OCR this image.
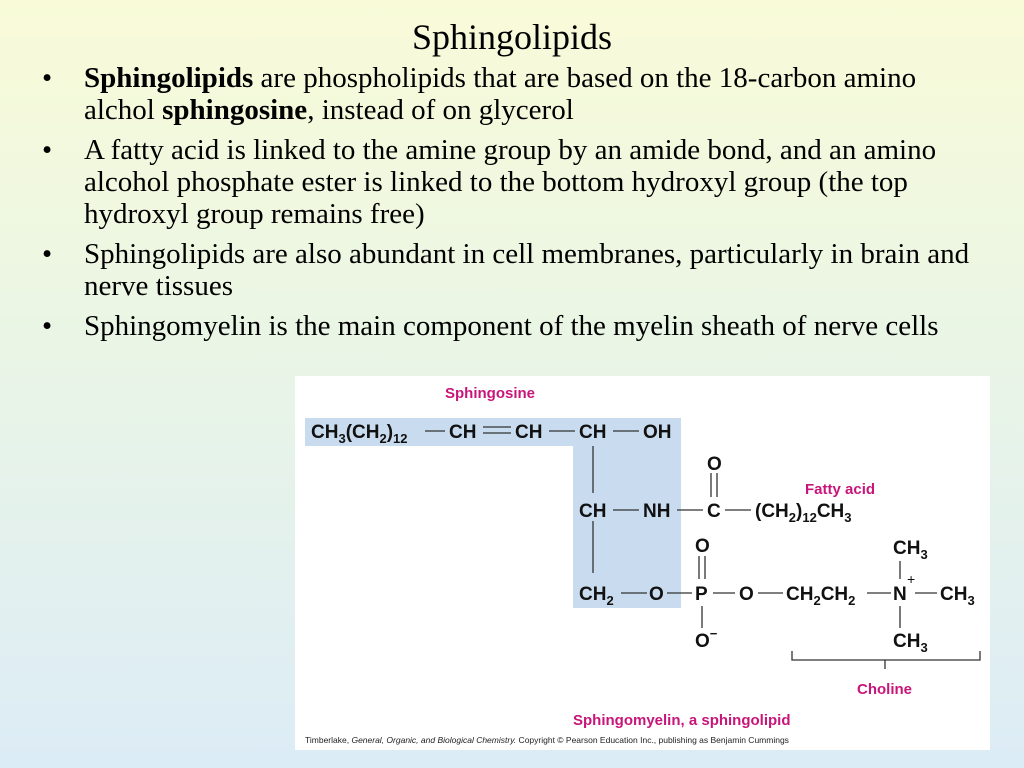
Sphingolipids
• Sphingolipids are phospholipids that are based on the 18-carbon amino alchol sphingosine, instead of on glycerol
• A fatty acid is linked to the amine group by an amide bond, and an amino alcohol phosphate ester is linked to the bottom hydroxyl group (the top hydroxyl group remains free)
• Sphingolipids are also abundant in cell membranes, particularly in brain and nerve tissues
• Sphingomyelin is the main component of the myelin sheath of nerve cells
Sphingosine
Fatty acid
Choline
Sphingomyelin, a sphingolipid
$CH_3(CH_2)_{12}$ CH CH CH OH
CH NH C
O
$(CH_2)_{12}CH_3$
$CH_2$ O P
O
O−
O $CH_2CH_2$ N
+
$CH_3$
$CH_3$
$CH_3$
Timberlake, General, Organic, and Biological Chemistry. Copyright © Pearson Education Inc., publishing as Benjamin Cummings
